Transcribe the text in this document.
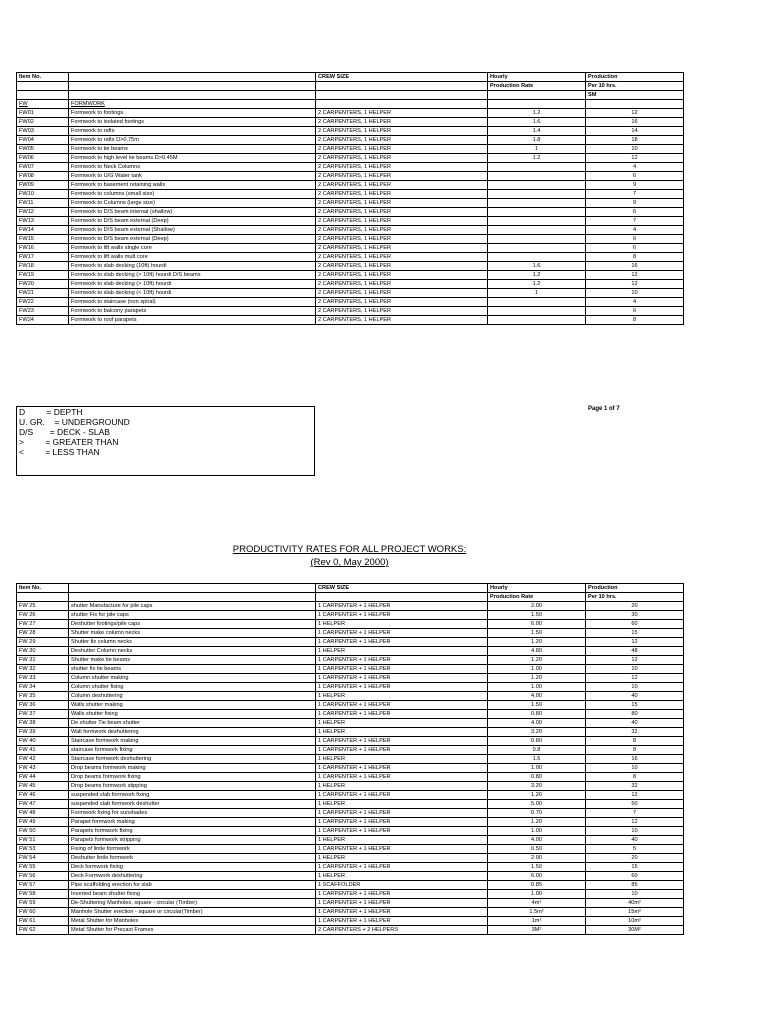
Item No.		CREW SIZE	Hourly	Production
			Production Rate	Per 10 hrs.
				SM
FW	FORMWORK			
FW01	Formwork to footings	2 CARPENTERS, 1 HELPER	1.2	12
FW02	Formwork to isolated footings	2 CARPENTERS, 1 HELPER	1.6	16
FW03	Formwork to rafts	2 CARPENTERS, 1 HELPER	1.4	14
FW04	Formwork to rafts D>0.75m	2 CARPENTERS, 1 HELPER	1.8	18
FW05	Formwork to tie beams	2 CARPENTERS, 1 HELPER	1	10
FW06	Formwork to high level tie beams D>0.45M	2 CARPENTERS, 1 HELPER	1.2	12
FW07	Formwork to Neck Columns	2 CARPENTERS, 1 HELPER		4
FW08	Formwork to U/G Water tank	2 CARPENTERS, 1 HELPER		6
FW09	Formwork to basement retaining walls	2 CARPENTERS, 1 HELPER		9
FW10	Formwork to columns (small size)	2 CARPENTERS, 1 HELPER		7
FW11	Formwork to Columns (large size)	2 CARPENTERS, 1 HELPER		9
FW12	Formwork to D/S beam internal (shallow)	2 CARPENTERS, 1 HELPER		6
FW13	Formwork to D/S beam external (Deep)	2 CARPENTERS, 1 HELPER		7
FW14	Formwork to D/S beam external (Shallow)	2 CARPENTERS, 1 HELPER		4
FW15	Formwork to D/S beam external (Deep)	2 CARPENTERS, 1 HELPER		6
FW16	Formwork to lift walls single core	2 CARPENTERS, 1 HELPER		6
FW17	Formwork to lift walls mult core	2 CARPENTERS, 1 HELPER		8
FW18	Formwork to slab decking (10ft) hourdi	2 CARPENTERS, 1 HELPER	1.6	16
FW19	Formwork to slab decking (> 10ft) hourdi D/S beams	2 CARPENTERS, 1 HELPER	1.2	12
FW20	Formwork to slab decking (> 10ft) hourdi	2 CARPENTERS, 1 HELPER	1.2	12
FW21	Formwork to slab decking (< 10ft) hourdi	2 CARPENTERS, 1 HELPER	1	10
FW22	Formwork to staircase (non spiral)	2 CARPENTERS, 1 HELPER		4
FW23	Formwork to balcony parapets	2 CARPENTERS, 1 HELPER		6
FW24	Formwork to roof parapets	2 CARPENTERS, 1 HELPER		8
D         = DEPTH
U. GR.    = UNDERGROUND
D/S       = DECK - SLAB
>         = GREATER THAN
<         = LESS THAN
Page 1 of 7
PRODUCTIVITY RATES FOR ALL PROJECT WORKS:
(Rev 0, May 2000)
Item No.		CREW SIZE	Hourly	Production
			Production Rate	Per 10 hrs.
FW 25	shutter Manufacture for pile caps	1 CARPENTER + 1 HELPER	2.00	20
FW 26	shutter Fix for pile caps	1 CARPENTER + 1 HELPER	1.50	30
FW 27	Deshutter footings/pile caps	1 HELPER	6.00	60
FW 28	Shutter make column necks	1 CARPENTER + 1 HELPER	1.50	15
FW 29	Shutter fix column necks	1 CARPENTER + 1 HELPER	1.20	12
FW 30	Deshutter Column necks	1 HELPER	4.80	48
FW 31	Shutter make tie beams	1 CARPENTER + 1 HELPER	1.20	12
FW 32	shutter fix tie beams	1 CARPENTER + 1 HELPER	1.00	10
FW 33	Column shutter making	1 CARPENTER + 1 HELPER	1.20	12
FW 34	Column shutter fixing	1 CARPENTER + 1 HELPER	1.00	10
FW 35	Column deshuttering	1 HELPER	4.00	40
FW 36	Walls shutter making	1 CARPENTER + 1 HELPER	1.50	15
FW 37	Walls shutter fixing	1 CARPENTER + 1 HELPER	0.80	80
FW 38	De shutter Tie beam shutter	1 HELPER	4.00	40
FW 39	Wall formwork deshuttering	1 HELPER	3.20	32
FW 40	Staircase formwork making	1 CARPENTER + 1 HELPER	0.80	8
FW 41	staircase formwork fixing	1 CARPENTER + 1 HELPER	0.8	8
FW 42	Staircase formwork deshuttering	1 HELPER	1.6	16
FW 43	Drop beams formwork making	1 CARPENTER + 1 HELPER	1.00	10
FW 44	Drop beams formwork fixing	1 CARPENTER + 1 HELPER	0.80	8
FW 45	Drop beams formwork stipping	1 HELPER	3.20	32
FW 46	suspended slab formwork fixing	1 CARPENTER + 1 HELPER	1.20	12
FW 47	suspended slab formwork deshutter	1 HELPER	5.00	50
FW 48	Formwork fixing for sunshades	1 CARPENTER + 1 HELPER	0.70	7
FW 49	Parapet formwork making	1 CARPENTER + 1 HELPER	1.20	12
FW 50	Parapets formwork fixing	1 CARPENTER + 1 HELPER	1.00	10
FW 51	Parapets formwork stripping	1 HELPER	4.00	40
FW 53	Fixing of lintle formwork	1 CARPENTER + 1 HELPER	0.50	5
FW 54	Deshutter lintle formwork	1 HELPER	2.00	20
FW 55	Deck formwork fixing	1 CARPENTER + 1 HELPER	1.50	15
FW 56	Deck Formwork deshuttering	1 HELPER	6.00	60
FW 57	Pipe scaffolding erection for slab	1 SCAFFOLDER	0.85	85
FW 58	Inverted beam shutter fixing	1 CARPENTER + 1 HELPER	1.00	10
FW 59	De-Shuttering Manholes, square - circular (Timber)	1 CARPENTER + 1 HELPER	4m²	40m²
FW 60	Manhole Shutter erection - square or circular(Timber)	1 CARPENTER + 1 HELPER	1.5m²	15m²
FW 61	Metal Shutter for Manholes	1 CARPENTER + 1 HELPER	1m²	10m²
FW 62	Metal Shutter for Precast Frames	2 CARPENTERS + 2 HELPERS	3M²	30M²
